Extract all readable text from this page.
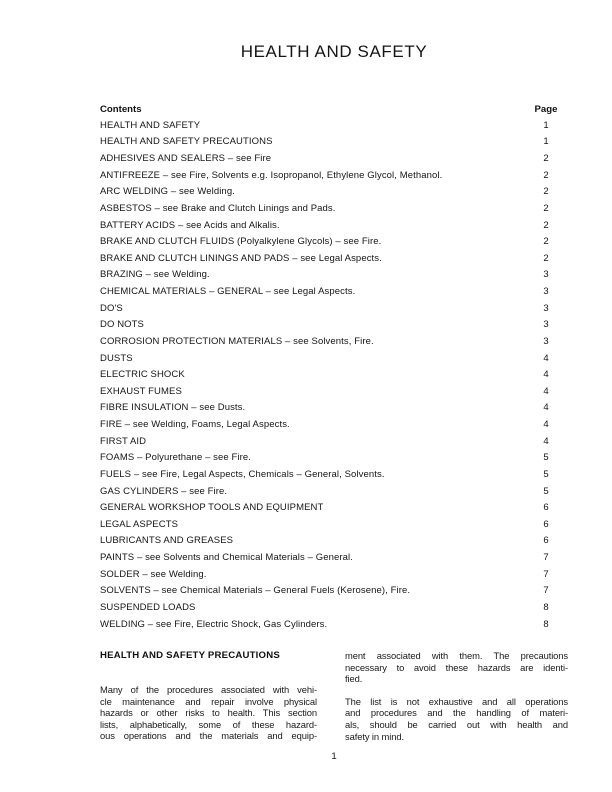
HEALTH AND SAFETY
Contents	Page
HEALTH AND SAFETY	1
HEALTH AND SAFETY PRECAUTIONS	1
ADHESIVES AND SEALERS – see Fire	2
ANTIFREEZE – see Fire, Solvents e.g. Isopropanol, Ethylene Glycol, Methanol.	2
ARC WELDING – see Welding.	2
ASBESTOS – see Brake and Clutch Linings and Pads.	2
BATTERY ACIDS – see Acids and Alkalis.	2
BRAKE AND CLUTCH FLUIDS (Polyalkylene Glycols) – see Fire.	2
BRAKE AND CLUTCH LININGS AND PADS – see Legal Aspects.	2
BRAZING – see Welding.	3
CHEMICAL MATERIALS – GENERAL – see Legal Aspects.	3
DO'S	3
DO NOTS	3
CORROSION PROTECTION MATERIALS – see Solvents, Fire.	3
DUSTS	4
ELECTRIC SHOCK	4
EXHAUST FUMES	4
FIBRE INSULATION – see Dusts.	4
FIRE – see Welding, Foams, Legal Aspects.	4
FIRST AID	4
FOAMS – Polyurethane – see Fire.	5
FUELS – see Fire, Legal Aspects, Chemicals – General, Solvents.	5
GAS CYLINDERS – see Fire.	5
GENERAL WORKSHOP TOOLS AND EQUIPMENT	6
LEGAL ASPECTS	6
LUBRICANTS AND GREASES	6
PAINTS – see Solvents and Chemical Materials – General.	7
SOLDER – see Welding.	7
SOLVENTS – see Chemical Materials – General Fuels (Kerosene), Fire.	7
SUSPENDED LOADS	8
WELDING – see Fire, Electric Shock, Gas Cylinders.	8
HEALTH AND SAFETY PRECAUTIONS
Many of the procedures associated with vehi-
cle maintenance and repair involve physical
hazards or other risks to health. This section
lists, alphabetically, some of these hazard-
ous operations and the materials and equip-
ment associated with them. The precautions
necessary to avoid these hazards are identi-
fied.
The list is not exhaustive and all operations
and procedures and the handling of materi-
als, should be carried out with health and
safety in mind.
1
